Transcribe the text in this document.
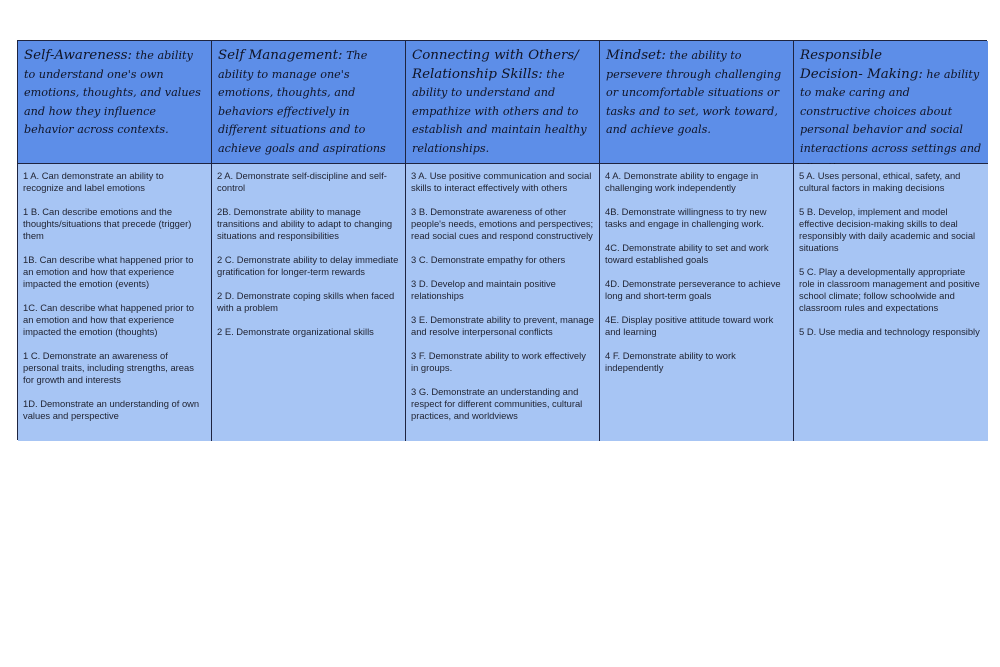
Self-Awareness: the ability to understand one's own emotions, thoughts, and values and how they influence behavior across contexts.
Self Management: The ability to manage one's emotions, thoughts, and behaviors effectively in different situations and to achieve goals and aspirations
Connecting with Others/ Relationship Skills: the ability to understand and empathize with others and to establish and maintain healthy relationships.
Mindset: the ability to persevere through challenging or uncomfortable situations or tasks and to set, work toward, and achieve goals.
Responsible
Decision- Making: he ability to make caring and constructive choices about personal behavior and social interactions across settings and
1 A. Can demonstrate an ability to recognize and label emotions
1 B. Can describe emotions and the thoughts/situations that precede (trigger) them
1B. Can describe what happened prior to an emotion and how that experience impacted the emotion (events)
1C. Can describe what happened prior to an emotion and how that experience impacted the emotion (thoughts)
1 C. Demonstrate an awareness of personal traits, including strengths, areas for growth and interests
1D. Demonstrate an understanding of own values and perspective
2 A. Demonstrate self-discipline and self-control
2B. Demonstrate ability to manage transitions and ability to adapt to changing situations and responsibilities
2 C. Demonstrate ability to delay immediate gratification for longer-term rewards
2 D. Demonstrate coping skills when faced with a problem
2 E. Demonstrate organizational skills
3 A. Use positive communication and social skills to interact effectively with others
3 B. Demonstrate awareness of other people's needs, emotions and perspectives; read social cues and respond constructively
3 C. Demonstrate empathy for others
3 D. Develop and maintain positive relationships
3 E. Demonstrate ability to prevent, manage and resolve interpersonal conflicts
3 F. Demonstrate ability to work effectively in groups.
3 G. Demonstrate an understanding and respect for different communities, cultural practices, and worldviews
4 A. Demonstrate ability to engage in challenging work independently
4B. Demonstrate willingness to try new tasks and engage in challenging work.
4C. Demonstrate ability to set and work toward established goals
4D. Demonstrate perseverance to achieve long and short-term goals
4E. Display positive attitude toward work and learning
4 F. Demonstrate ability to work independently
5 A. Uses personal, ethical, safety, and cultural factors in making decisions
5 B. Develop, implement and model effective decision-making skills to deal responsibly with daily academic and social situations
5 C. Play a developmentally appropriate role in classroom management and positive school climate; follow schoolwide and classroom rules and expectations
5 D. Use media and technology responsibly
